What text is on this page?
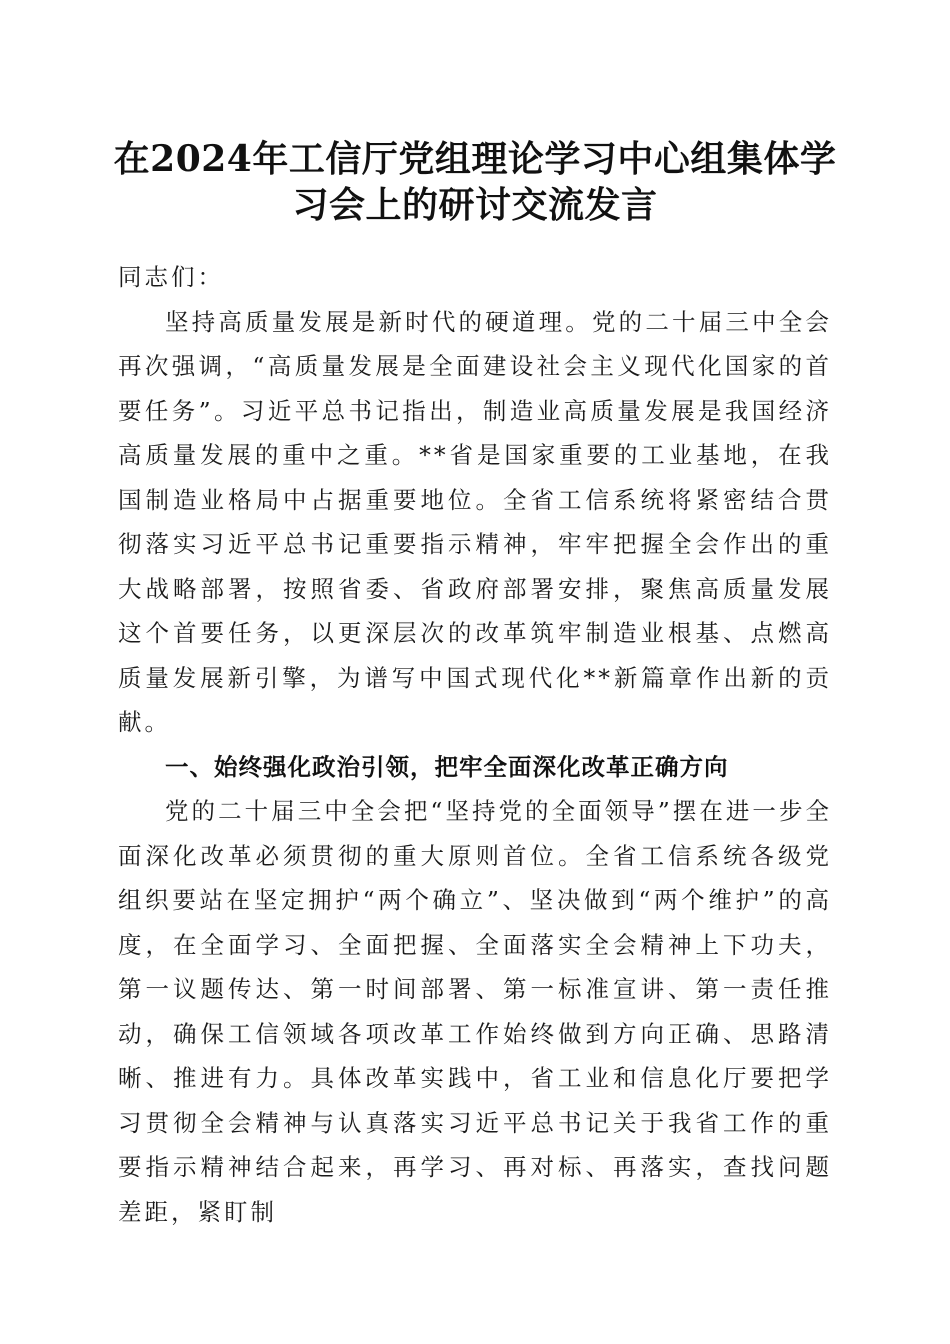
在2024年工信厅党组理论学习中心组集体学
习会上的研讨交流发言

同志们：

坚持高质量发展是新时代的硬道理。党的二十届三中全会再次强调，“高质量发展是全面建设社会主义现代化国家的首要任务”。习近平总书记指出，制造业高质量发展是我国经济高质量发展的重中之重。**省是国家重要的工业基地，在我国制造业格局中占据重要地位。全省工信系统将紧密结合贯彻落实习近平总书记重要指示精神，牢牢把握全会作出的重大战略部署，按照省委、省政府部署安排，聚焦高质量发展这个首要任务，以更深层次的改革筑牢制造业根基、点燃高质量发展新引擎，为谱写中国式现代化**新篇章作出新的贡献。

一、始终强化政治引领，把牢全面深化改革正确方向

党的二十届三中全会把“坚持党的全面领导”摆在进一步全面深化改革必须贯彻的重大原则首位。全省工信系统各级党组织要站在坚定拥护“两个确立”、坚决做到“两个维护”的高度，在全面学习、全面把握、全面落实全会精神上下功夫，第一议题传达、第一时间部署、第一标准宣讲、第一责任推动，确保工信领域各项改革工作始终做到方向正确、思路清晰、推进有力。具体改革实践中，省工业和信息化厅要把学习贯彻全会精神与认真落实习近平总书记关于我省工作的重要指示精神结合起来，再学习、再对标、再落实，查找问题差距，紧盯制
